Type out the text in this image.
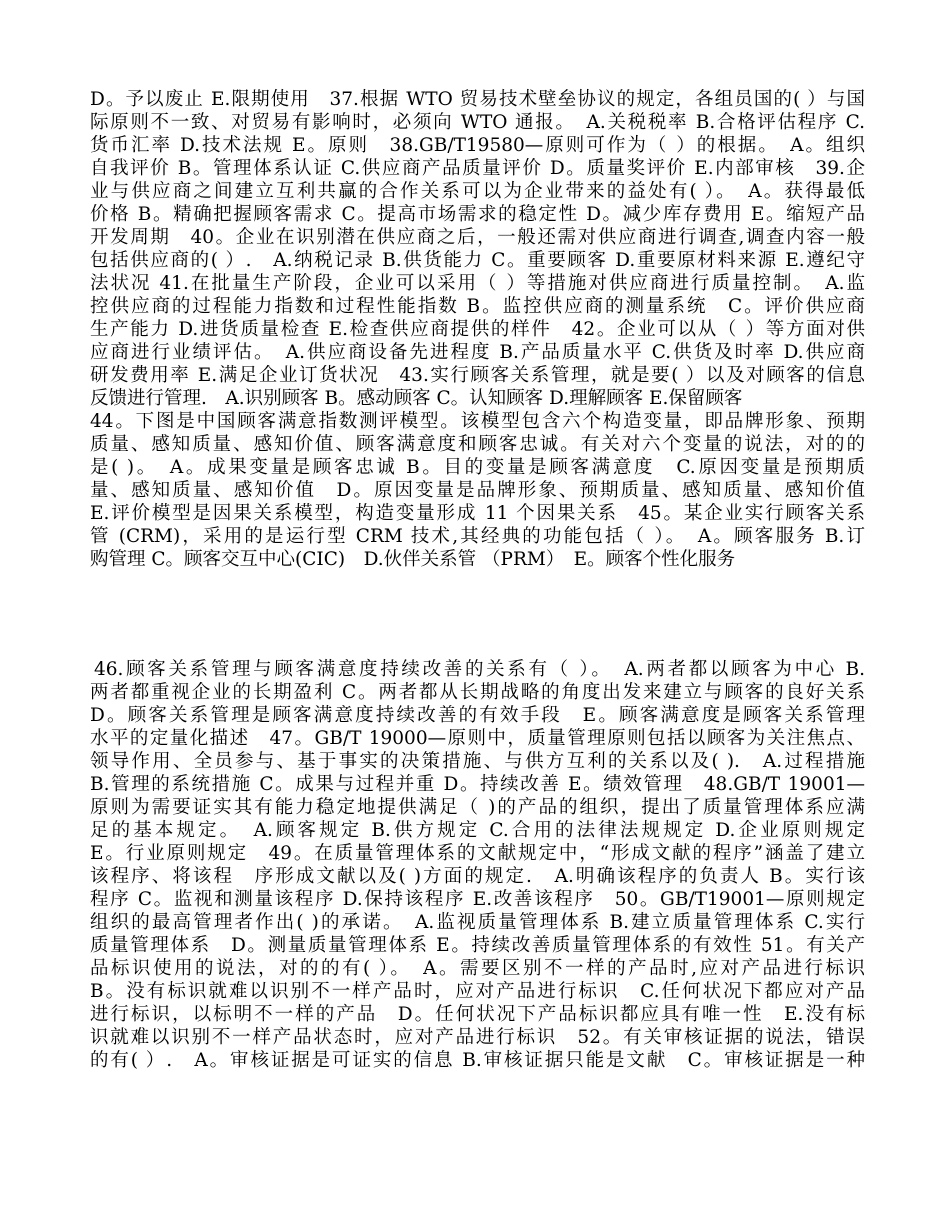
D。予以废止 E.限期使用　37.根据 WTO 贸易技术壁垒协议的规定，各组员国的( ）与国
际原则不一致、对贸易有影响时，必须向 WTO 通报。　A.关税税率 B.合格评估程序 C.
货币汇率 D.技术法规 E。原则　38.GB/T19580—原则可作为（ ）的根据。　A。组织
自我评价 B。管理体系认证 C.供应商产品质量评价 D。质量奖评价 E.内部审核　39.企
业与供应商之间建立互利共赢的合作关系可以为企业带来的益处有( ）。　A。获得最低
价格 B。精确把握顾客需求 C。提高市场需求的稳定性 D。减少库存费用 E。缩短产品
开发周期　40。企业在识别潜在供应商之后，一般还需对供应商进行调查,调查内容一般
包括供应商的( ）.　A.纳税记录 B.供货能力 C。重要顾客 D.重要原材料来源 E.遵纪守
法状况 41.在批量生产阶段，企业可以采用（ ）等措施对供应商进行质量控制。　A.监
控供应商的过程能力指数和过程性能指数 B。监控供应商的测量系统　C。评价供应商
生产能力 D.进货质量检查 E.检查供应商提供的样件　42。企业可以从（ ）等方面对供
应商进行业绩评估。　A.供应商设备先进程度 B.产品质量水平 C.供货及时率 D.供应商
研发费用率 E.满足企业订货状况　43.实行顾客关系管理，就是要( ）以及对顾客的信息
反馈进行管理.　A.识别顾客 B。感动顾客 C。认知顾客 D.理解顾客 E.保留顾客
44。下图是中国顾客满意指数测评模型。该模型包含六个构造变量，即品牌形象、预期
质量、感知质量、感知价值、顾客满意度和顾客忠诚。有关对六个变量的说法，对的的
是( )。　A。成果变量是顾客忠诚 B。目的变量是顾客满意度　C.原因变量是预期质
量、感知质量、感知价值　D。原因变量是品牌形象、预期质量、感知质量、感知价值
E.评价模型是因果关系模型，构造变量形成 11 个因果关系　45。某企业实行顾客关系
管 (CRM)，采用的是运行型 CRM 技术,其经典的功能包括（ ）。　A。顾客服务 B.订
购管理 C。顾客交互中心(CIC)　D.伙伴关系管 （PRM）　E。顾客个性化服务
46.顾客关系管理与顾客满意度持续改善的关系有（ ）。　A.两者都以顾客为中心 B.
两者都重视企业的长期盈利 C。两者都从长期战略的角度出发来建立与顾客的良好关系
D。顾客关系管理是顾客满意度持续改善的有效手段　E。顾客满意度是顾客关系管理
水平的定量化描述　47。GB/T 19000—原则中，质量管理原则包括以顾客为关注焦点、
领导作用、全员参与、基于事实的决策措施、与供方互利的关系以及( ).　A.过程措施
B.管理的系统措施 C。成果与过程并重 D。持续改善 E。绩效管理　48.GB/T 19001—
原则为需要证实其有能力稳定地提供满足（ )的产品的组织，提出了质量管理体系应满
足的基本规定。　A.顾客规定 B.供方规定 C.合用的法律法规规定 D.企业原则规定
E。行业原则规定　49。在质量管理体系的文献规定中，“形成文献的程序”涵盖了建立
该程序、将该程　序形成文献以及( )方面的规定.　A.明确该程序的负责人 B。实行该
程序 C。监视和测量该程序 D.保持该程序 E.改善该程序　50。GB/T19001—原则规定
组织的最高管理者作出( )的承诺。　A.监视质量管理体系 B.建立质量管理体系 C.实行
质量管理体系　D。测量质量管理体系 E。持续改善质量管理体系的有效性 51。有关产
品标识使用的说法，对的的有( ）。　A。需要区别不一样的产品时,应对产品进行标识
B。没有标识就难以识别不一样产品时，应对产品进行标识　C.任何状况下都应对产品
进行标识，以标明不一样的产品　D。任何状况下产品标识都应具有唯一性　E.没有标
识就难以识别不一样产品状态时，应对产品进行标识　52。有关审核证据的说法，错误
的有( ）.　A。审核证据是可证实的信息 B.审核证据只能是文献　C。审核证据是一种
